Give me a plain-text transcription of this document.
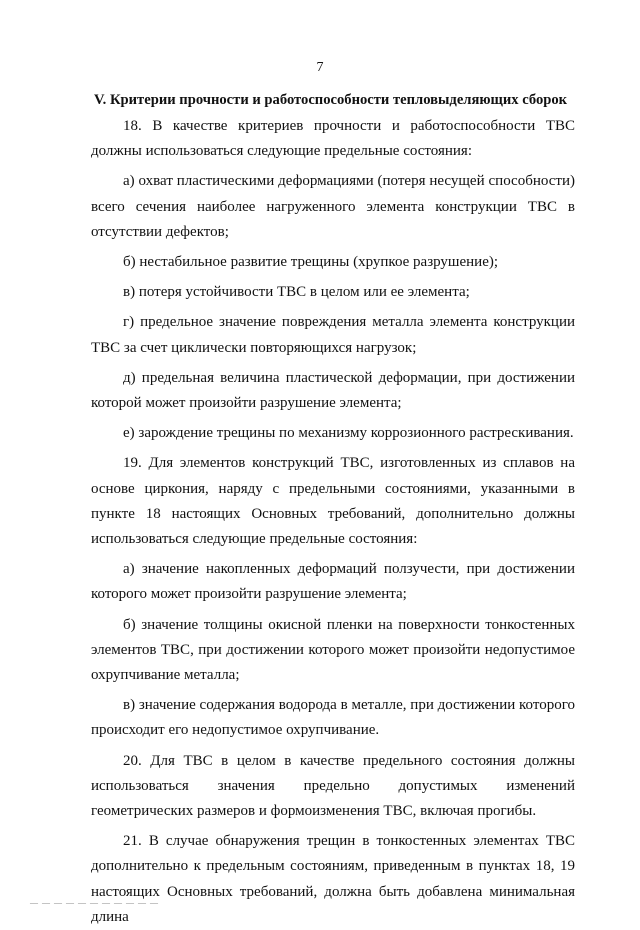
7
V. Критерии прочности и работоспособности тепловыделяющих сборок

18. В качестве критериев прочности и работоспособности ТВС должны использоваться следующие предельные состояния:

а) охват пластическими деформациями (потеря несущей способности) всего сечения наиболее нагруженного элемента конструкции ТВС в отсутствии дефектов;

б) нестабильное развитие трещины (хрупкое разрушение);

в) потеря устойчивости ТВС в целом или ее элемента;

г) предельное значение повреждения металла элемента конструкции ТВС за счет циклически повторяющихся нагрузок;

д) предельная величина пластической деформации, при достижении которой может произойти разрушение элемента;

е) зарождение трещины по механизму коррозионного растрескивания.

19. Для элементов конструкций ТВС, изготовленных из сплавов на основе циркония, наряду с предельными состояниями, указанными в пункте 18 настоящих Основных требований, дополнительно должны использоваться следующие предельные состояния:

а) значение накопленных деформаций ползучести, при достижении которого может произойти разрушение элемента;

б) значение толщины окисной пленки на поверхности тонкостенных элементов ТВС, при достижении которого может произойти недопустимое охрупчивание металла;

в) значение содержания водорода в металле, при достижении которого происходит его недопустимое охрупчивание.

20. Для ТВС в целом в качестве предельного состояния должны использоваться значения предельно допустимых изменений геометрических размеров и формоизменения ТВС, включая прогибы.

21. В случае обнаружения трещин в тонкостенных элементах ТВС дополнительно к предельным состояниям, приведенным в пунктах 18, 19 настоящих Основных требований, должна быть добавлена минимальная длина

— — — — — — — — — — —
